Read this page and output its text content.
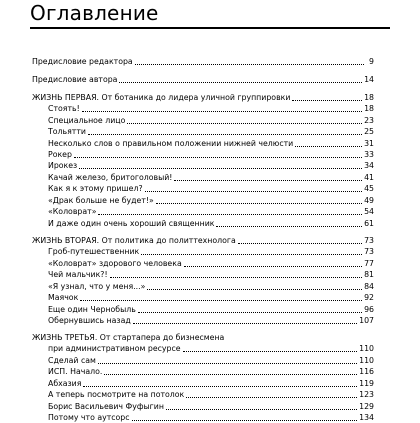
Оглавление
Предисловие редактора	9
Предисловие автора	14
ЖИЗНЬ ПЕРВАЯ. От ботаника до лидера уличной группировки	18
Стоять!	18
Специальное лицо	23
Тольятти	25
Несколько слов о правильном положении нижней челюсти	31
Рокер	33
Ирокез	34
Качай железо, бритоголовый!	41
Как я к этому пришел?	45
«Драк больше не будет!»	49
«Коловрат»	54
И даже один очень хороший священник	61
ЖИЗНЬ ВТОРАЯ. От политика до политтехнолога	73
Гроб-путешественник	73
«Коловрат» здорового человека	77
Чей мальчик?!	81
«Я узнал, что у меня...»	84
Маячок	92
Еще один Чернобыль	96
Обернувшись назад	107
ЖИЗНЬ ТРЕТЬЯ. От стартапера до бизнесмена
при административном ресурсе	110
Сделай сам	110
ИСП. Начало.	116
Абхазия	119
А теперь посмотрите на потолок	123
Борис Васильевич Фуфыгин	129
Потому что аутсорс	134
